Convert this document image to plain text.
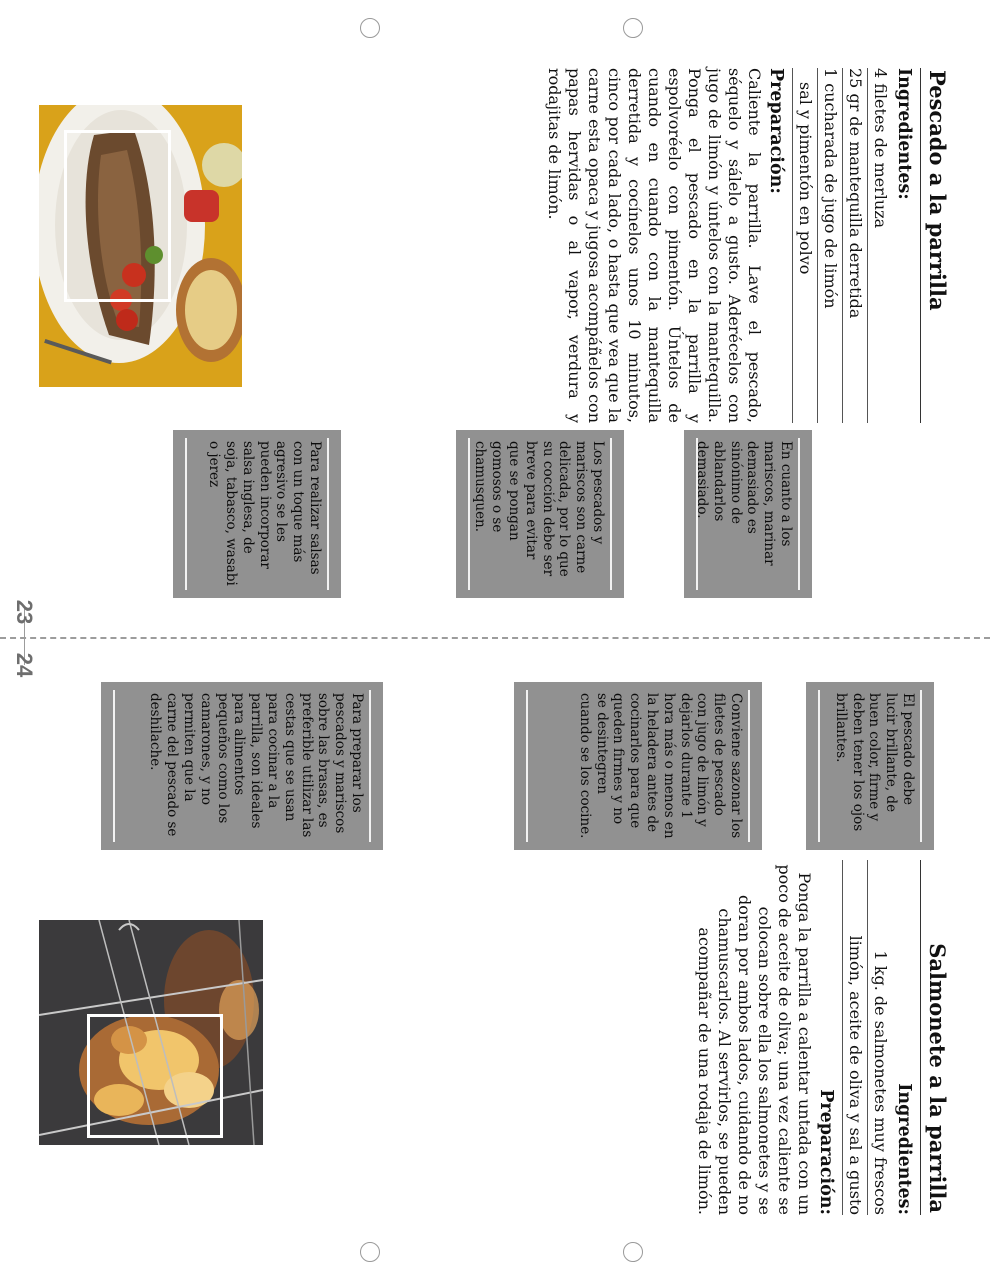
23
24
Pescado a la parrilla
Ingredientes:
4 filetes de merluza
25 gr de mantequilla derretida
1 cucharada de jugo de limón
sal y pimentón en polvo
Preparación:
Caliente la parrilla. Lave el pescado, séquelo y sálelo a gusto. Aderécelos con jugo de limón y úntelos con la mantequilla. Ponga el pescado en la parrilla y espolvoréelo con pimentón. Úntelos de cuando en cuando con la mantequilla derretida y cocínelos unos 10 minutos, cinco por cada lado, o hasta que vea que la carne esta opaca y jugosa acompáñelos con papas hervidas o al vapor, verdura y rodajitas de limón.

En cuanto a los mariscos, marinar demasiado es sinónimo de ablandarlos demasiado.

Los pescados y mariscos son carne delicada, por lo que su cocción debe ser breve para evitar que se pongan gomosos o se chamusquen.

Para realizar salsas con un toque más agresivo se les pueden incorporar salsa inglesa, de soja, tabasco, wasabi o jerez

Salmonete a la parrilla
Ingredientes:
1 kg. de salmonetes muy frescos
limón, aceite de oliva y sal a gusto
Preparación:
Ponga la parrilla a calentar untada con un poco de aceite de oliva; una vez caliente se colocan sobre ella los salmonetes y se doran por ambos lados, cuidando de no chamuscarlos. Al servirlos, se pueden acompañar de una rodaja de limón.

El pescado debe lucir brillante, de buen color, firme y deben tener los ojos brillantes.

Conviene sazonar los filetes de pescado con jugo de limón y dejarlos durante 1 hora más o menos en la heladera antes de cocinarlos para que queden firmes y no se desintegren cuando se los cocine.

Para preparar los pescados y mariscos sobre las brasas, es preferible utilizar las cestas que se usan para cocinar a la parrilla, son ideales para alimentos pequeños como los camarones, y no permiten que la carne del pescado se deshilache.
